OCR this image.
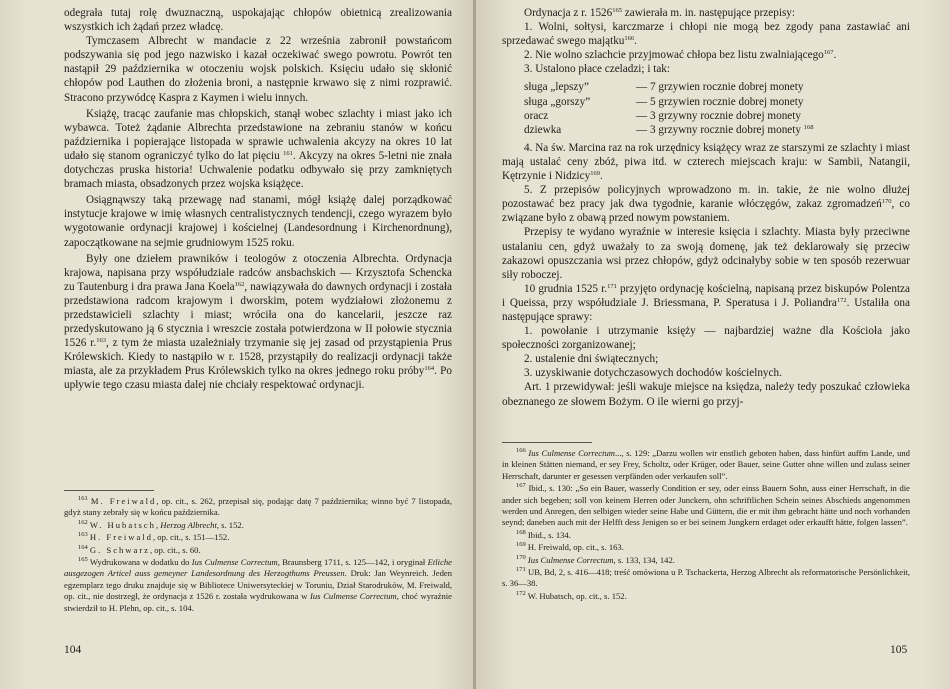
odegrała tutaj rolę dwuznaczną, uspokajając chłopów obietnicą zrealizowania wszystkich ich żądań przez władcę.

Tymczasem Albrecht w mandacie z 22 września zabronił powstańcom podszywania się pod jego nazwisko i kazał oczekiwać swego powrotu. Powrót ten nastąpił 29 października w otoczeniu wojsk polskich. Księciu udało się skłonić chłopów pod Lauthen do złożenia broni, a następnie krwawo się z nimi rozprawić. Stracono przywódcę Kaspra z Kaymen i wielu innych.

Książę, tracąc zaufanie mas chłopskich, stanął wobec szlachty i miast jako ich wybawca. Toteż żądanie Albrechta przedstawione na zebraniu stanów w końcu października i popierające listopada w sprawie uchwalenia akcyzy na okres 10 lat udało się stanom ograniczyć tylko do lat pięciu $^{161}$. Akcyzy na okres 5-letni nie znała dotychczas pruska historia! Uchwalenie podatku odbywało się przy zamkniętych bramach miasta, obsadzonych przez wojska książęce.

Osiągnąwszy taką przewagę nad stanami, mógł książę dalej porządkować instytucje krajowe w imię własnych centralistycznych tendencji, czego wyrazem było wygotowanie ordynacji krajowej i kościelnej (Landesordnung i Kirchenordnung), zapoczątkowane na sejmie grudniowym 1525 roku.

Były one dziełem prawników i teologów z otoczenia Albrechta. Ordynacja krajowa, napisana przy współudziale radców ansbachskich — Krzysztofa Schencka zu Tautenburg i dra prawa Jana Koela$^{162}$, nawiązywała do dawnych ordynacji i została przedstawiona radcom krajowym i dworskim, potem wydziałowi złożonemu z przedstawicieli szlachty i miast; wróciła ona do kancelarii, jeszcze raz przedyskutowano ją 6 stycznia i wreszcie została potwierdzona w II połowie stycznia 1526 r.$^{163}$, z tym że miasta uzależniały trzymanie się jej zasad od przystąpienia Prus Królewskich. Kiedy to nastąpiło w r. 1528, przystąpiły do realizacji ordynacji także miasta, ale za przykładem Prus Królewskich tylko na okres jednego roku próby$^{164}$. Po upływie tego czasu miasta dalej nie chciały respektować ordynacji.

$^{161}$ M. Freiwald, op. cit., s. 262, przepisał się, podając datę 7 października; winno być 7 listopada, gdyż stany zebrały się w końcu października.

$^{162}$ W. Hubatsch, Herzog Albrecht, s. 152.

$^{163}$ H. Freiwald, op. cit., s. 151—152.

$^{164}$ G. Schwarz, op. cit., s. 60.

$^{165}$ Wydrukowana w dodatku do Ius Culmense Correctum, Braunsberg 1711, s. 125—142, i oryginał Etliche ausgezogen Articel auss gemeyner Landesordnung des Herzogthums Preussen. Druk: Jan Weynreich. Jeden egzemplarz tego druku znajduje się w Bibliotece Uniwersyteckiej w Toruniu, Dział Starodruków, M. Freiwald, op. cit., nie dostrzegł, że ordynacja z 1526 r. została wydrukowana w Ius Culmense Correctum, choć wyraźnie stwierdził to H. Plehn, op. cit., s. 104.

104

Ordynacja z r. 1526$^{165}$ zawierała m. in. następujące przepisy:

1. Wolni, sołtysi, karczmarze i chłopi nie mogą bez zgody pana zastawiać ani sprzedawać swego majątku$^{166}$.

2. Nie wolno szlachcie przyjmować chłopa bez listu zwalniającego$^{167}$.

3. Ustalono płace czeladzi; i tak:

sługa „lepszy”	— 7 grzywien rocznie dobrej monety
sługa „gorszy”	— 5 grzywien rocznie dobrej monety
oracz	— 3 grzywny rocznie dobrej monety
dziewka	— 3 grzywny rocznie dobrej monety $^{168}$

4. Na św. Marcina raz na rok urzędnicy książęcy wraz ze starszymi ze szlachty i miast mają ustalać ceny zbóż, piwa itd. w czterech miejscach kraju: w Sambii, Natangii, Kętrzynie i Nidzicy$^{169}$.

5. Z przepisów policyjnych wprowadzono m. in. takie, że nie wolno dłużej pozostawać bez pracy jak dwa tygodnie, karanie włóczęgów, zakaz zgromadzeń$^{170}$, co związane było z obawą przed nowym powstaniem.

Przepisy te wydano wyraźnie w interesie księcia i szlachty. Miasta były przeciwne ustalaniu cen, gdyż uważały to za swoją domenę, jak też deklarowały się przeciw zakazowi opuszczania wsi przez chłopów, gdyż odcinałyby sobie w ten sposób rezerwuar siły roboczej.

10 grudnia 1525 r.$^{171}$ przyjęto ordynację kościelną, napisaną przez biskupów Polentza i Queissa, przy współudziale J. Briessmana, P. Speratusa i J. Poliandra$^{172}$. Ustaliła ona następujące sprawy:

1. powołanie i utrzymanie księży — najbardziej ważne dla Kościoła jako społeczności zorganizowanej;

2. ustalenie dni świątecznych;

3. uzyskiwanie dotychczasowych dochodów kościelnych.

Art. 1 przewidywał: jeśli wakuje miejsce na księdza, należy tedy poszukać człowieka obeznanego ze słowem Bożym. O ile wierni go przyj-

$^{166}$ Ius Culmense Correctum..., s. 129: „Darzu wollen wir enstlich geboten haben, dass hinfürt auffm Lande, und in kleinen Stätten niemand, er sey Frey, Scholtz, oder Krüger, oder Bauer, seine Gutter ohne willen und zulass seiner Herrschaft, darunter er gesessen verpfänden oder verkaufen soll”.

$^{167}$ Ibid., s. 130: „So ein Bauer, wasserly Condition er sey, oder einss Bauern Sohn, auss einer Herrschaft, in die ander sich begeben; soll von keinem Herren oder Junckern, ohn schriftlichen Schein seines Abschieds angenommen werden und Anregen, den selbigen wieder seine Habe und Güttern, die er mit ihm gebracht hätte und noch vorhanden seynd; daneben auch mit der Helfft dess Jenigen so er bei seinem Jungkern erdaget oder erkaufft hätte, folgen lassen”.

$^{168}$ Ibid., s. 134.

$^{169}$ H. Freiwald, op. cit., s. 163.

$^{170}$ Ius Culmense Correctum, s. 133, 134, 142.

$^{171}$ UB, Bd, 2, s. 416—418; treść omówiona u P. Tschackerta, Herzog Albrecht als reformatorische Persönlichkeit, s. 36—38.

$^{172}$ W. Hubatsch, op. cit., s. 152.

105
